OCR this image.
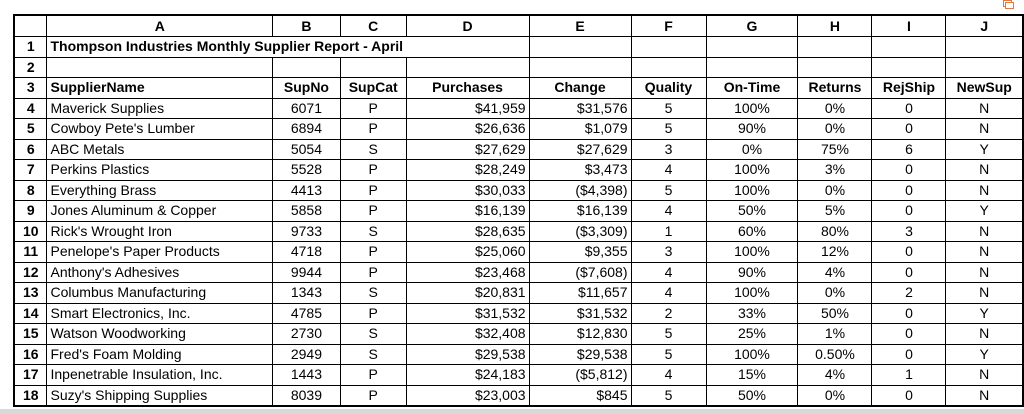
	A	B	C	D	E	F	G	H	I	J
1	Thompson Industries Monthly Supplier Report - April									
2										
3	SupplierName	SupNo	SupCat	Purchases	Change	Quality	On-Time	Returns	RejShip	NewSup
4	Maverick Supplies	6071	P	$41,959	$31,576	5	100%	0%	0	N
5	Cowboy Pete's Lumber	6894	P	$26,636	$1,079	5	90%	0%	0	N
6	ABC Metals	5054	S	$27,629	$27,629	3	0%	75%	6	Y
7	Perkins Plastics	5528	P	$28,249	$3,473	4	100%	3%	0	N
8	Everything Brass	4413	P	$30,033	($4,398)	5	100%	0%	0	N
9	Jones Aluminum & Copper	5858	P	$16,139	$16,139	4	50%	5%	0	Y
10	Rick's Wrought Iron	9733	S	$28,635	($3,309)	1	60%	80%	3	N
11	Penelope's Paper Products	4718	P	$25,060	$9,355	3	100%	12%	0	N
12	Anthony's Adhesives	9944	P	$23,468	($7,608)	4	90%	4%	0	N
13	Columbus Manufacturing	1343	S	$20,831	$11,657	4	100%	0%	2	N
14	Smart Electronics, Inc.	4785	P	$31,532	$31,532	2	33%	50%	0	Y
15	Watson Woodworking	2730	S	$32,408	$12,830	5	25%	1%	0	N
16	Fred's Foam Molding	2949	S	$29,538	$29,538	5	100%	0.50%	0	Y
17	Inpenetrable Insulation, Inc.	1443	P	$24,183	($5,812)	4	15%	4%	1	N
18	Suzy's Shipping Supplies	8039	P	$23,003	$845	5	50%	0%	0	N
